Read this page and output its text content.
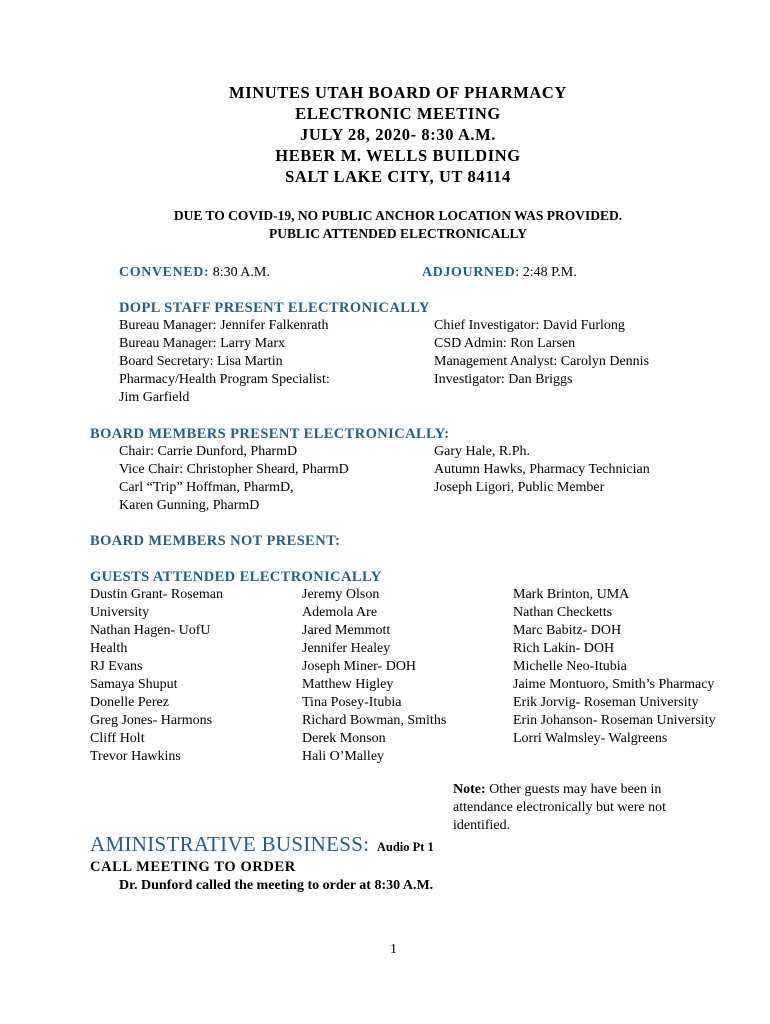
MINUTES UTAH BOARD OF PHARMACY
ELECTRONIC MEETING
JULY 28, 2020- 8:30 A.M.
HEBER M. WELLS BUILDING
SALT LAKE CITY, UT 84114
DUE TO COVID-19, NO PUBLIC ANCHOR LOCATION WAS PROVIDED.
PUBLIC ATTENDED ELECTRONICALLY
CONVENED: 8:30 A.M.	ADJOURNED: 2:48 P.M.
DOPL STAFF PRESENT ELECTRONICALLY
Bureau Manager: Jennifer Falkenrath
Bureau Manager: Larry Marx
Board Secretary: Lisa Martin
Pharmacy/Health Program Specialist:
Jim Garfield
Chief Investigator: David Furlong
CSD Admin: Ron Larsen
Management Analyst: Carolyn Dennis
Investigator: Dan Briggs
BOARD MEMBERS PRESENT ELECTRONICALLY:
Chair: Carrie Dunford, PharmD
Vice Chair: Christopher Sheard, PharmD
Carl “Trip” Hoffman, PharmD,
Karen Gunning, PharmD
Gary Hale, R.Ph.
Autumn Hawks, Pharmacy Technician
Joseph Ligori, Public Member
BOARD MEMBERS NOT PRESENT:
GUESTS ATTENDED ELECTRONICALLY
Dustin Grant- Roseman
University
Nathan Hagen- UofU
Health
RJ Evans
Samaya Shuput
Donelle Perez
Greg Jones- Harmons
Cliff Holt
Trevor Hawkins
Jeremy Olson
Ademola Are
Jared Memmott
Jennifer Healey
Joseph Miner- DOH
Matthew Higley
Tina Posey-Itubia
Richard Bowman, Smiths
Derek Monson
Hali O’Malley
Mark Brinton, UMA
Nathan Checketts
Marc Babitz- DOH
Rich Lakin- DOH
Michelle Neo-Itubia
Jaime Montuoro, Smith’s Pharmacy
Erik Jorvig- Roseman University
Erin Johanson- Roseman University
Lorri Walmsley- Walgreens
Note: Other guests may have been in attendance electronically but were not identified.
AMINISTRATIVE BUSINESS: Audio Pt 1
CALL MEETING TO ORDER
Dr. Dunford called the meeting to order at 8:30 A.M.
1
